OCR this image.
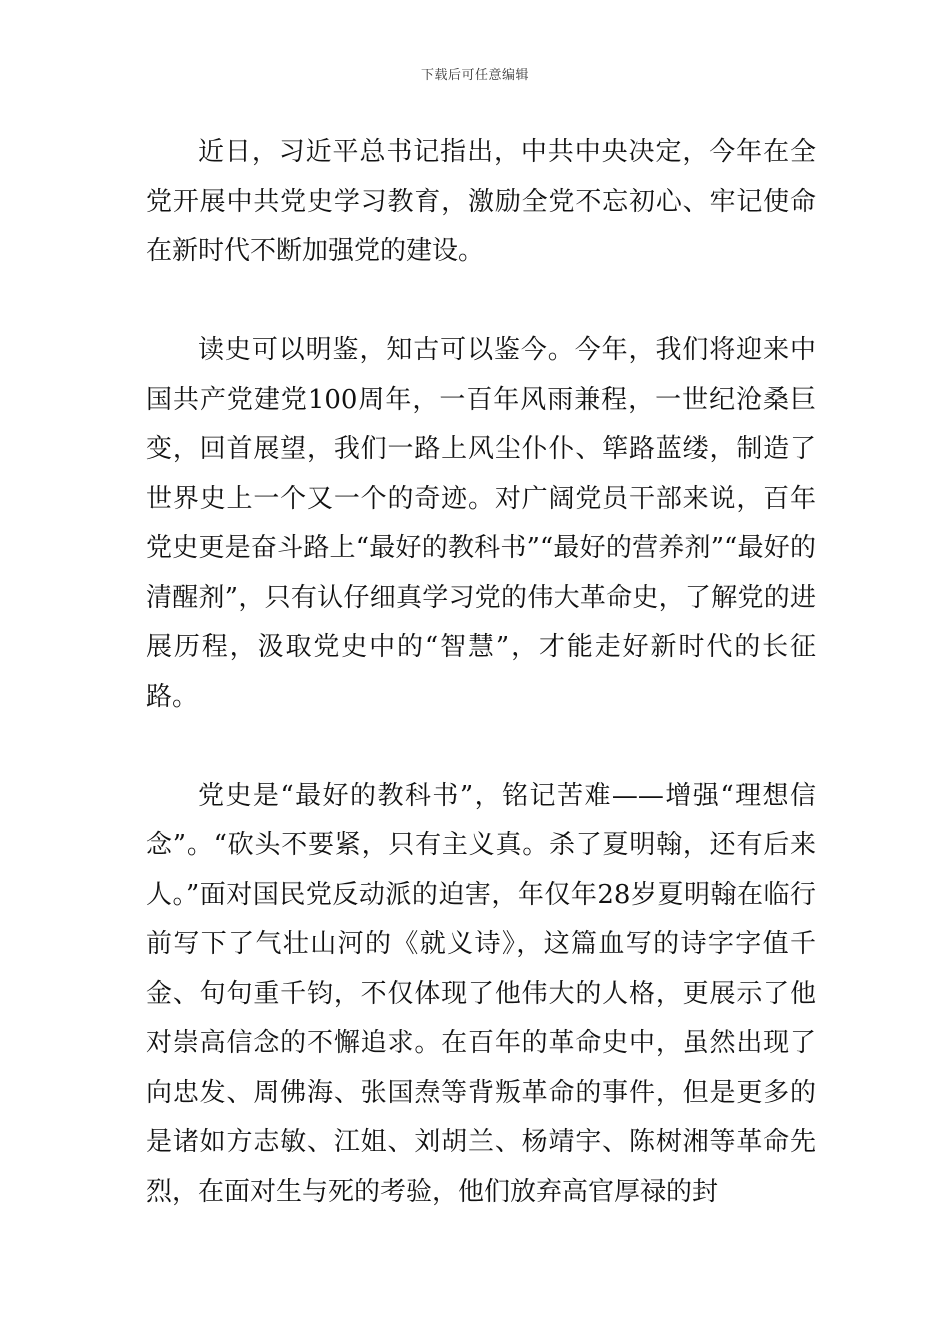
下载后可任意编辑

近日，习近平总书记指出，中共中央决定，今年在全党开展中共党史学习教育，激励全党不忘初心、牢记使命在新时代不断加强党的建设。

读史可以明鉴，知古可以鉴今。今年，我们将迎来中国共产党建党100周年，一百年风雨兼程，一世纪沧桑巨变，回首展望，我们一路上风尘仆仆、筚路蓝缕，制造了世界史上一个又一个的奇迹。对广阔党员干部来说，百年党史更是奋斗路上“最好的教科书”“最好的营养剂”“最好的清醒剂”，只有认仔细真学习党的伟大革命史，了解党的进展历程，汲取党史中的“智慧”，才能走好新时代的长征路。

党史是“最好的教科书”，铭记苦难——增强“理想信念”。“砍头不要紧，只有主义真。杀了夏明翰，还有后来人。”面对国民党反动派的迫害，年仅年28岁夏明翰在临行前写下了气壮山河的《就义诗》，这篇血写的诗字字值千金、句句重千钧，不仅体现了他伟大的人格，更展示了他对崇高信念的不懈追求。在百年的革命史中，虽然出现了向忠发、周佛海、张国焘等背叛革命的事件，但是更多的是诸如方志敏、江姐、刘胡兰、杨靖宇、陈树湘等革命先烈，在面对生与死的考验，他们放弃高官厚禄的封
